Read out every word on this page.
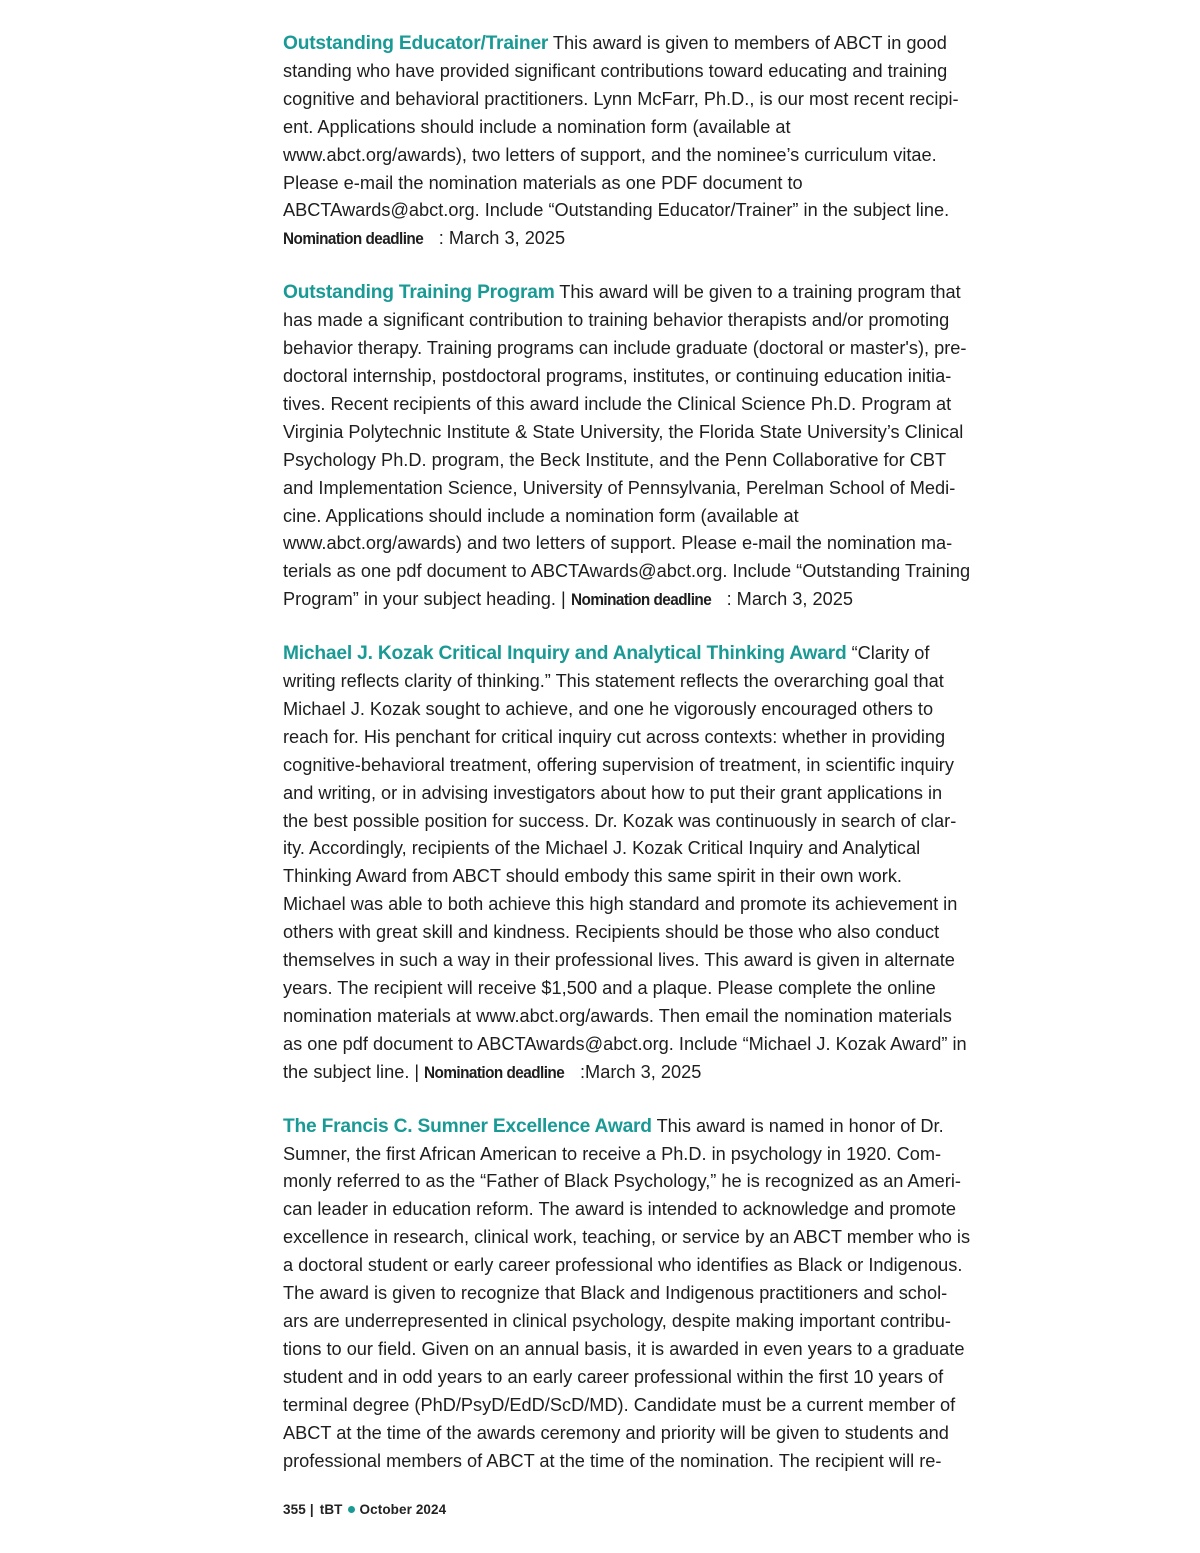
Outstanding Educator/Trainer This award is given to members of ABCT in good
standing who have provided significant contributions toward educating and training
cognitive and behavioral practitioners. Lynn McFarr, Ph.D., is our most recent recipi-
ent. Applications should include a nomination form (available at
www.abct.org/awards), two letters of support, and the nominee’s curriculum vitae.
Please e-mail the nomination materials as one PDF document to
ABCTAwards@abct.org. Include “Outstanding Educator/Trainer” in the subject line.
Nomination deadline : March 3, 2025

Outstanding Training Program This award will be given to a training program that
has made a significant contribution to training behavior therapists and/or promoting
behavior therapy. Training programs can include graduate (doctoral or master's), pre-
doctoral internship, postdoctoral programs, institutes, or continuing education initia-
tives. Recent recipients of this award include the Clinical Science Ph.D. Program at
Virginia Polytechnic Institute & State University, the Florida State University’s Clinical
Psychology Ph.D. program, the Beck Institute, and the Penn Collaborative for CBT
and Implementation Science, University of Pennsylvania, Perelman School of Medi-
cine. Applications should include a nomination form (available at
www.abct.org/awards) and two letters of support. Please e-mail the nomination ma-
terials as one pdf document to ABCTAwards@abct.org. Include “Outstanding Training
Program” in your subject heading. | Nomination deadline : March 3, 2025

Michael J. Kozak Critical Inquiry and Analytical Thinking Award “Clarity of
writing reflects clarity of thinking.” This statement reflects the overarching goal that
Michael J. Kozak sought to achieve, and one he vigorously encouraged others to
reach for. His penchant for critical inquiry cut across contexts: whether in providing
cognitive-behavioral treatment, offering supervision of treatment, in scientific inquiry
and writing, or in advising investigators about how to put their grant applications in
the best possible position for success. Dr. Kozak was continuously in search of clar-
ity. Accordingly, recipients of the Michael J. Kozak Critical Inquiry and Analytical
Thinking Award from ABCT should embody this same spirit in their own work.
Michael was able to both achieve this high standard and promote its achievement in
others with great skill and kindness. Recipients should be those who also conduct
themselves in such a way in their professional lives. This award is given in alternate
years. The recipient will receive $1,500 and a plaque. Please complete the online
nomination materials at www.abct.org/awards. Then email the nomination materials
as one pdf document to ABCTAwards@abct.org. Include “Michael J. Kozak Award” in
the subject line. | Nomination deadline :March 3, 2025

The Francis C. Sumner Excellence Award This award is named in honor of Dr.
Sumner, the first African American to receive a Ph.D. in psychology in 1920. Com-
monly referred to as the “Father of Black Psychology,” he is recognized as an Ameri-
can leader in education reform. The award is intended to acknowledge and promote
excellence in research, clinical work, teaching, or service by an ABCT member who is
a doctoral student or early career professional who identifies as Black or Indigenous.
The award is given to recognize that Black and Indigenous practitioners and schol-
ars are underrepresented in clinical psychology, despite making important contribu-
tions to our field. Given on an annual basis, it is awarded in even years to a graduate
student and in odd years to an early career professional within the first 10 years of
terminal degree (PhD/PsyD/EdD/ScD/MD). Candidate must be a current member of
ABCT at the time of the awards ceremony and priority will be given to students and
professional members of ABCT at the time of the nomination. The recipient will re-

355 | tBT October 2024
